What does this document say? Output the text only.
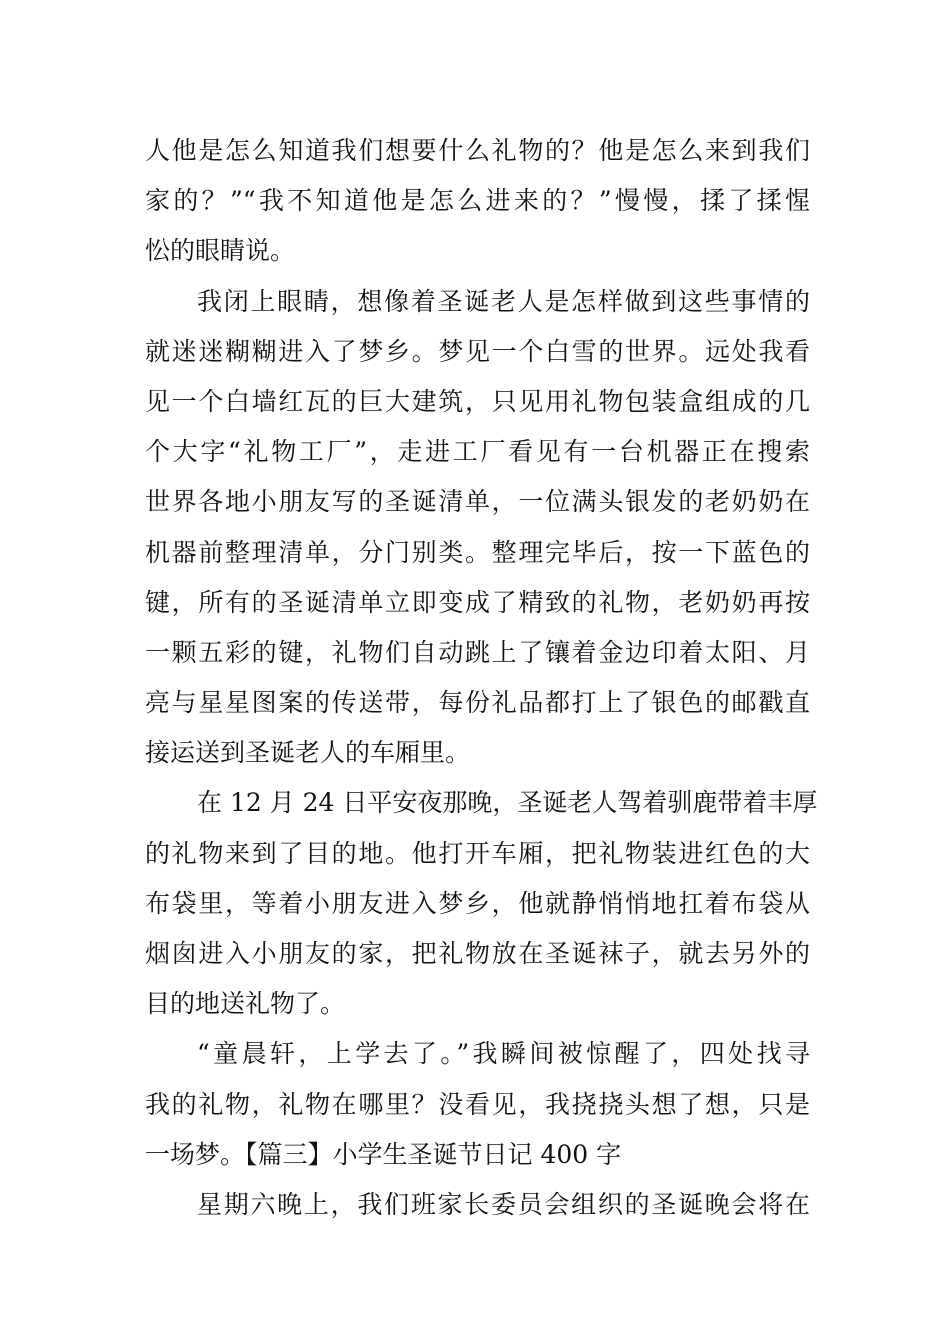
人他是怎么知道我们想要什么礼物的？他是怎么来到我们
家的？”“我不知道他是怎么进来的？”慢慢，揉了揉惺
忪的眼睛说。
我闭上眼睛，想像着圣诞老人是怎样做到这些事情的
就迷迷糊糊进入了梦乡。梦见一个白雪的世界。远处我看
见一个白墙红瓦的巨大建筑，只见用礼物包装盒组成的几
个大字“礼物工厂”，走进工厂看见有一台机器正在搜索
世界各地小朋友写的圣诞清单，一位满头银发的老奶奶在
机器前整理清单，分门别类。整理完毕后，按一下蓝色的
键，所有的圣诞清单立即变成了精致的礼物，老奶奶再按
一颗五彩的键，礼物们自动跳上了镶着金边印着太阳、月
亮与星星图案的传送带，每份礼品都打上了银色的邮戳直
接运送到圣诞老人的车厢里。
在 12 月 24 日平安夜那晚，圣诞老人驾着驯鹿带着丰厚
的礼物来到了目的地。他打开车厢，把礼物装进红色的大
布袋里，等着小朋友进入梦乡，他就静悄悄地扛着布袋从
烟囱进入小朋友的家，把礼物放在圣诞袜子，就去另外的
目的地送礼物了。
“童晨轩，上学去了。”我瞬间被惊醒了，四处找寻
我的礼物，礼物在哪里？没看见，我挠挠头想了想，只是
一场梦。【篇三】小学生圣诞节日记 400 字
星期六晚上，我们班家长委员会组织的圣诞晚会将在
